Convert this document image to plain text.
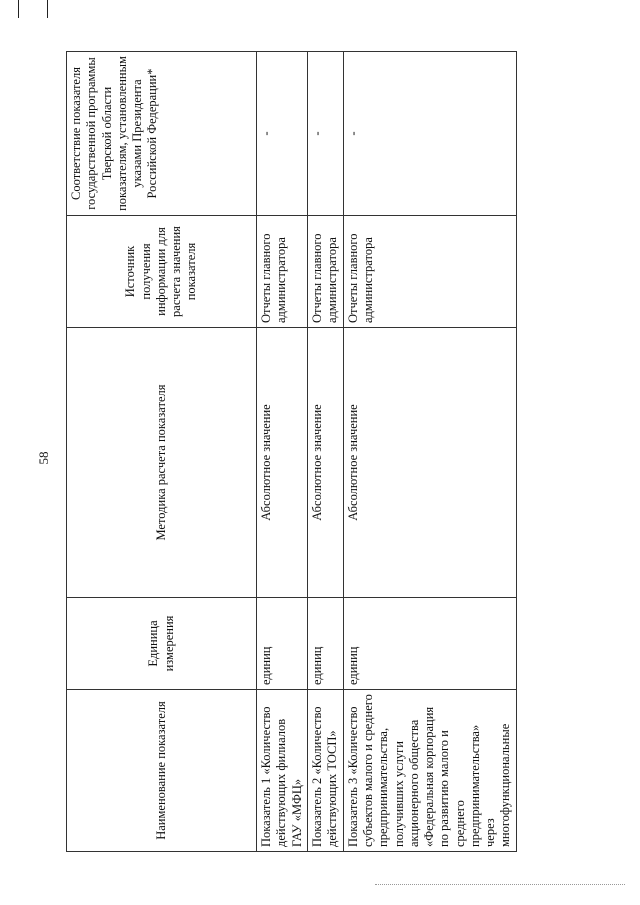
58
Наименование показателя	Единица измерения	Методика расчета показателя	Источник получения информации для расчета значения показателя	Соответствие показателя государственной программы Тверской области показателям, установленным указами Президента Российской Федерации*
Показатель 1 «Количество действующих филиалов ГАУ «МФЦ»	единиц	Абсолютное значение	Отчеты главного администратора	-
Показатель 2 «Количество действующих ТОСП»	единиц	Абсолютное значение	Отчеты главного администратора	-
Показатель 3 «Количество субъектов малого и среднего предпринимательства, получивших услуги акционерного общества «Федеральная корпорация по развитию малого и среднего предпринимательства» через многофункциональные	единиц	Абсолютное значение	Отчеты главного администратора	-
